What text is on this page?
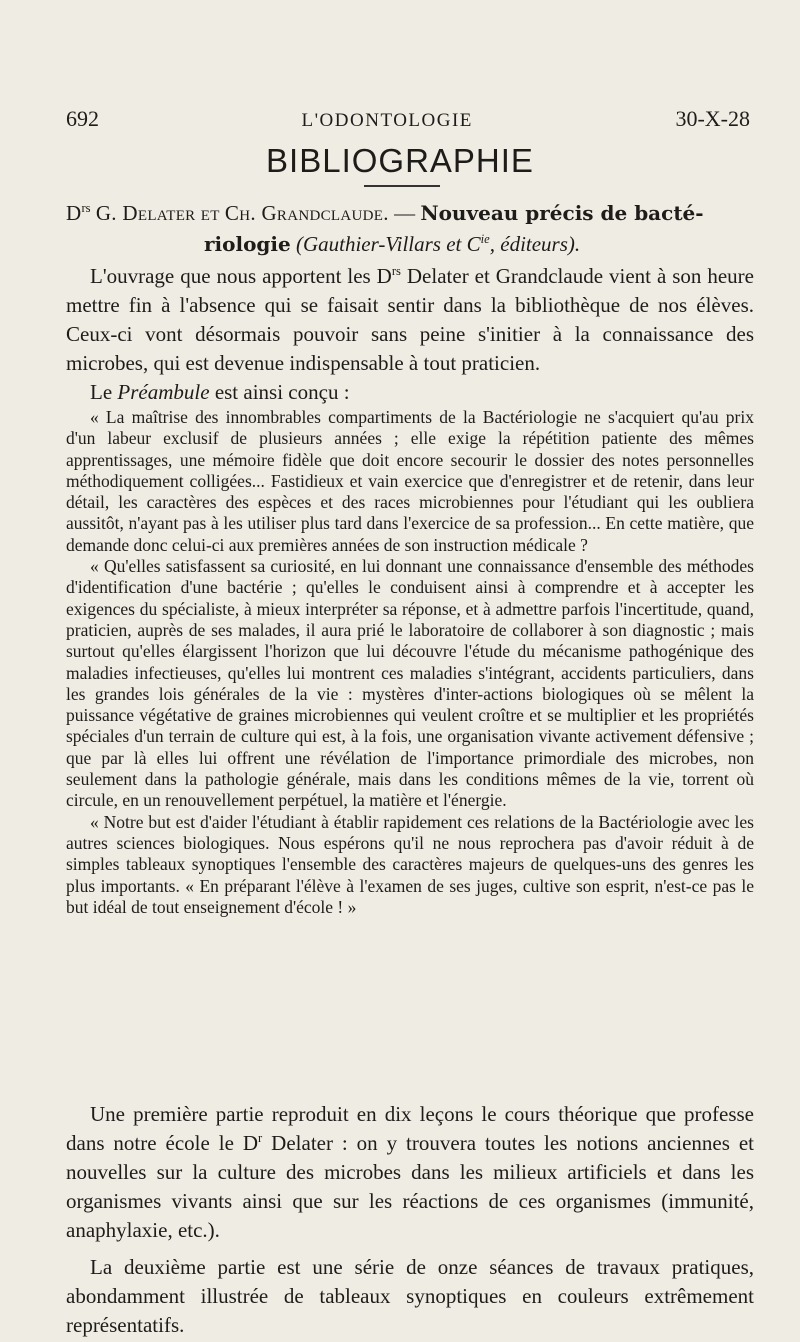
692	L'ODONTOLOGIE	30-X-28
BIBLIOGRAPHIE
$D^{rs}$ G. Delater et Ch. Grandclaude. — Nouveau précis de bacté-
riologie (Gauthier-Villars et $C^{ie}$, éditeurs).

L'ouvrage que nous apportent les $D^{rs}$ Delater et Grandclaude vient à son heure mettre fin à l'absence qui se faisait sentir dans la bibliothèque de nos élèves. Ceux-ci vont désormais pouvoir sans peine s'initier à la connaissance des microbes, qui est devenue indispensable à tout praticien.

Le Préambule est ainsi conçu :

« La maîtrise des innombrables compartiments de la Bactériologie ne s'acquiert qu'au prix d'un labeur exclusif de plusieurs années ; elle exige la répétition patiente des mêmes apprentissages, une mémoire fidèle que doit encore secourir le dossier des notes personnelles méthodiquement colligées... Fastidieux et vain exercice que d'enregistrer et de retenir, dans leur détail, les caractères des espèces et des races microbiennes pour l'étudiant qui les oubliera aussitôt, n'ayant pas à les utiliser plus tard dans l'exercice de sa profession... En cette matière, que demande donc celui-ci aux premières années de son instruction médicale ?

« Qu'elles satisfassent sa curiosité, en lui donnant une connaissance d'ensemble des méthodes d'identification d'une bactérie ; qu'elles le conduisent ainsi à comprendre et à accepter les exigences du spécialiste, à mieux interpréter sa réponse, et à admettre parfois l'incertitude, quand, praticien, auprès de ses malades, il aura prié le laboratoire de collaborer à son diagnostic ; mais surtout qu'elles élargissent l'horizon que lui découvre l'étude du mécanisme pathogénique des maladies infectieuses, qu'elles lui montrent ces maladies s'intégrant, accidents particuliers, dans les grandes lois générales de la vie : mystères d'inter-actions biologiques où se mêlent la puissance végétative de graines microbiennes qui veulent croître et se multiplier et les propriétés spéciales d'un terrain de culture qui est, à la fois, une organisation vivante activement défensive ; que par là elles lui offrent une révélation de l'importance primordiale des microbes, non seulement dans la pathologie générale, mais dans les conditions mêmes de la vie, torrent où circule, en un renouvellement perpétuel, la matière et l'énergie.

« Notre but est d'aider l'étudiant à établir rapidement ces relations de la Bactériologie avec les autres sciences biologiques. Nous espérons qu'il ne nous reprochera pas d'avoir réduit à de simples tableaux synoptiques l'ensemble des caractères majeurs de quelques-uns des genres les plus importants. « En préparant l'élève à l'examen de ses juges, cultive son esprit, n'est-ce pas le but idéal de tout enseignement d'école ! »

Une première partie reproduit en dix leçons le cours théorique que professe dans notre école le $D^r$ Delater : on y trouvera toutes les notions anciennes et nouvelles sur la culture des microbes dans les milieux artificiels et dans les organismes vivants ainsi que sur les réactions de ces organismes (immunité, anaphylaxie, etc.).

La deuxième partie est une série de onze séances de travaux pratiques, abondamment illustrée de tableaux synoptiques en couleurs extrêmement représentatifs.
